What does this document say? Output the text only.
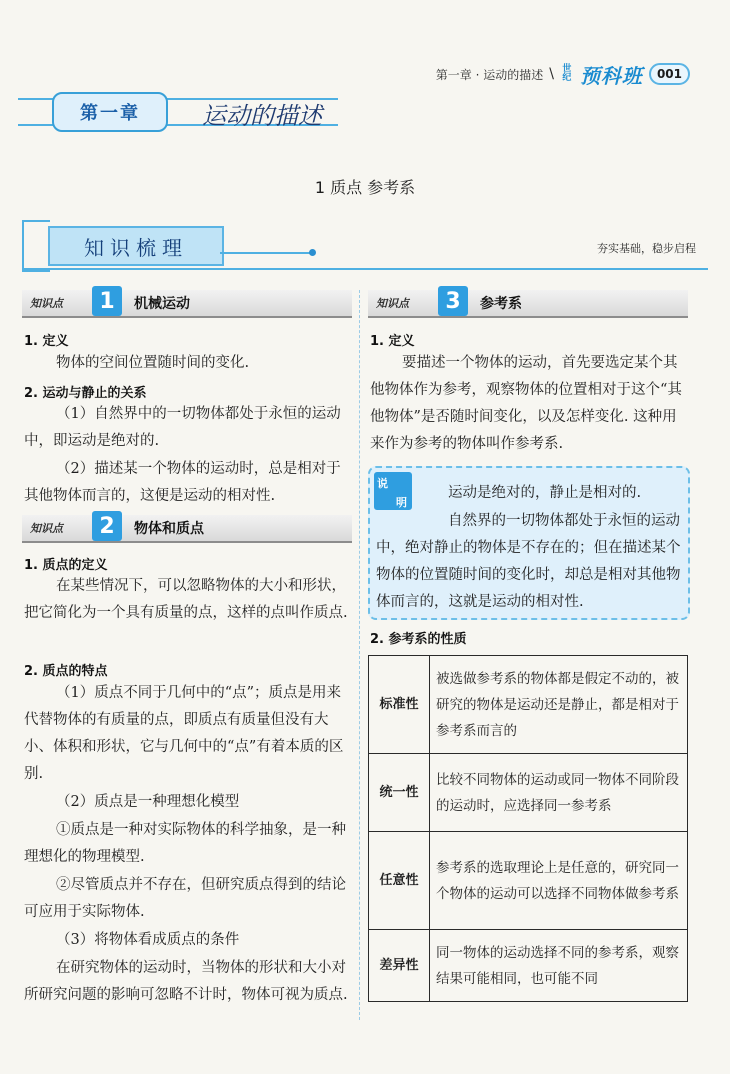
第一章 · 运动的描述 \ 世纪 预科班	001
第一章	运动的描述
1 质点 参考系
知识梳理	夯实基础，稳步启程
知识点	1	机械运动
1. 定义
物体的空间位置随时间的变化.
2. 运动与静止的关系
（1）自然界中的一切物体都处于永恒的运动中，即运动是绝对的.
（2）描述某一个物体的运动时，总是相对于其他物体而言的，这便是运动的相对性.
知识点	2	物体和质点
1. 质点的定义
在某些情况下，可以忽略物体的大小和形状，把它简化为一个具有质量的点，这样的点叫作质点.
2. 质点的特点
（1）质点不同于几何中的“点”；质点是用来代替物体的有质量的点，即质点有质量但没有大小、体积和形状，它与几何中的“点”有着本质的区别.
（2）质点是一种理想化模型
①质点是一种对实际物体的科学抽象，是一种理想化的物理模型.
②尽管质点并不存在，但研究质点得到的结论可应用于实际物体.
（3）将物体看成质点的条件
在研究物体的运动时，当物体的形状和大小对所研究问题的影响可忽略不计时，物体可视为质点.
知识点	3	参考系
1. 定义
要描述一个物体的运动，首先要选定某个其他物体作为参考，观察物体的位置相对于这个“其他物体”是否随时间变化，以及怎样变化. 这种用来作为参考的物体叫作参考系.
说
明
运动是绝对的，静止是相对的.
自然界的一切物体都处于永恒的运动中，绝对静止的物体是不存在的；但在描述某个物体的位置随时间的变化时，却总是相对其他物体而言的，这就是运动的相对性.
2. 参考系的性质
标准性	被选做参考系的物体都是假定不动的，被研究的物体是运动还是静止，都是相对于参考系而言的
统一性	比较不同物体的运动或同一物体不同阶段的运动时，应选择同一参考系
任意性	参考系的选取理论上是任意的，研究同一个物体的运动可以选择不同物体做参考系
差异性	同一物体的运动选择不同的参考系，观察结果可能相同，也可能不同
